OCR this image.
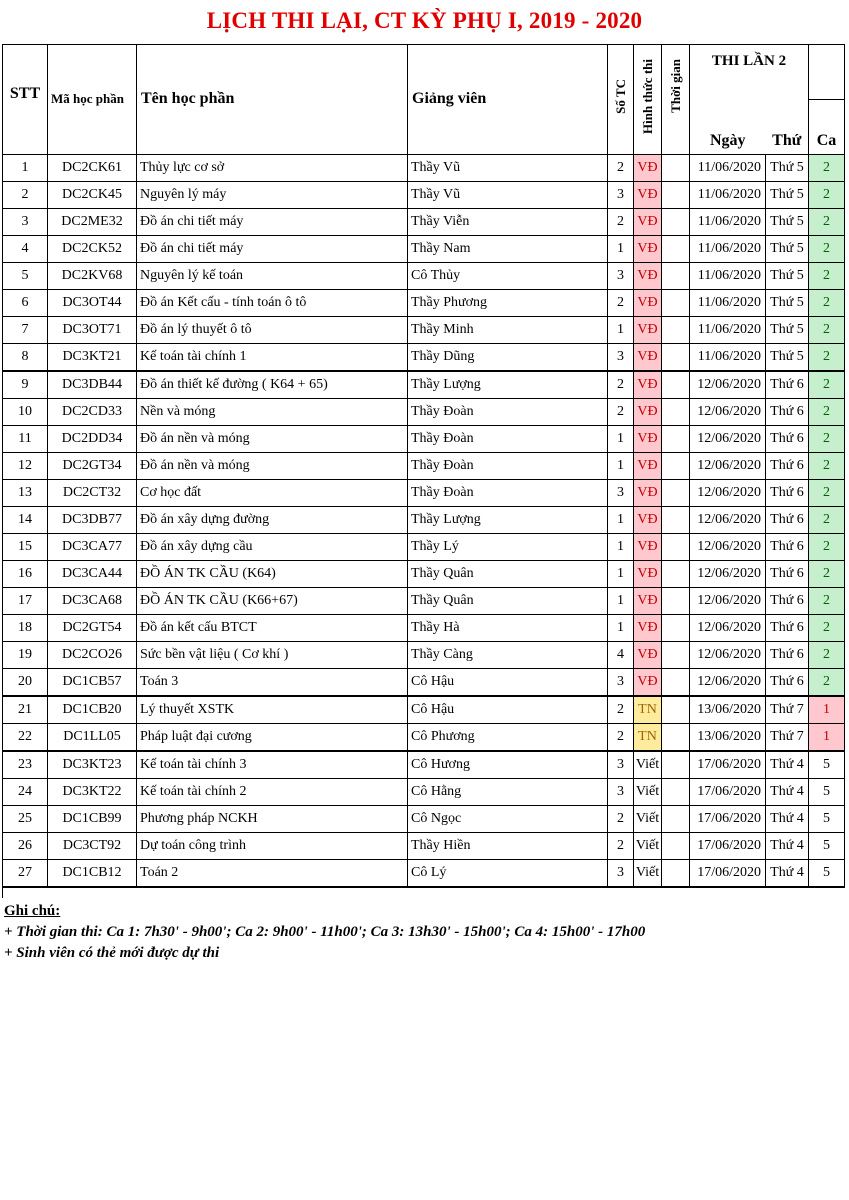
LỊCH THI LẠI, CT KỲ PHỤ I, 2019 - 2020
STT	Mã học phần	Tên học phần	Giảng viên	Số TC	Hình thức thi	Thời gian	THI LẦN 2		
							Ngày	Thứ	Ca
1	DC2CK61	Thủy lực cơ sở	Thầy Vũ	2	VĐ		11/06/2020	Thứ 5	2
2	DC2CK45	Nguyên lý máy	Thầy Vũ	3	VĐ		11/06/2020	Thứ 5	2
3	DC2ME32	Đồ án chi tiết máy	Thầy Viễn	2	VĐ		11/06/2020	Thứ 5	2
4	DC2CK52	Đồ án chi tiết máy	Thầy Nam	1	VĐ		11/06/2020	Thứ 5	2
5	DC2KV68	Nguyên lý kế toán	Cô Thủy	3	VĐ		11/06/2020	Thứ 5	2
6	DC3OT44	Đồ án Kết cấu - tính toán ô tô	Thầy Phương	2	VĐ		11/06/2020	Thứ 5	2
7	DC3OT71	Đồ án lý thuyết ô tô	Thầy Minh	1	VĐ		11/06/2020	Thứ 5	2
8	DC3KT21	Kế toán tài chính 1	Thầy Dũng	3	VĐ		11/06/2020	Thứ 5	2
9	DC3DB44	Đồ án thiết kế đường ( K64 + 65)	Thầy Lượng	2	VĐ		12/06/2020	Thứ 6	2
10	DC2CD33	Nền và móng	Thầy Đoàn	2	VĐ		12/06/2020	Thứ 6	2
11	DC2DD34	Đồ án nền và móng	Thầy Đoàn	1	VĐ		12/06/2020	Thứ 6	2
12	DC2GT34	Đồ án nền và móng	Thầy Đoàn	1	VĐ		12/06/2020	Thứ 6	2
13	DC2CT32	Cơ học đất	Thầy Đoàn	3	VĐ		12/06/2020	Thứ 6	2
14	DC3DB77	Đồ án xây dựng đường	Thầy Lượng	1	VĐ		12/06/2020	Thứ 6	2
15	DC3CA77	Đồ án xây dựng cầu	Thầy Lý	1	VĐ		12/06/2020	Thứ 6	2
16	DC3CA44	ĐỒ ÁN TK CẦU (K64)	Thầy Quân	1	VĐ		12/06/2020	Thứ 6	2
17	DC3CA68	ĐỒ ÁN TK CẦU (K66+67)	Thầy Quân	1	VĐ		12/06/2020	Thứ 6	2
18	DC2GT54	Đồ án kết cấu BTCT	Thầy Hà	1	VĐ		12/06/2020	Thứ 6	2
19	DC2CO26	Sức bền vật liệu ( Cơ khí )	Thầy Càng	4	VĐ		12/06/2020	Thứ 6	2
20	DC1CB57	Toán 3	Cô Hậu	3	VĐ		12/06/2020	Thứ 6	2
21	DC1CB20	Lý thuyết XSTK	Cô Hậu	2	TN		13/06/2020	Thứ 7	1
22	DC1LL05	Pháp luật đại cương	Cô Phương	2	TN		13/06/2020	Thứ 7	1
23	DC3KT23	Kế toán tài chính 3	Cô Hương	3	Viết		17/06/2020	Thứ 4	5
24	DC3KT22	Kế toán tài chính 2	Cô Hằng	3	Viết		17/06/2020	Thứ 4	5
25	DC1CB99	Phương pháp NCKH	Cô Ngọc	2	Viết		17/06/2020	Thứ 4	5
26	DC3CT92	Dự toán công trình	Thầy Hiền	2	Viết		17/06/2020	Thứ 4	5
27	DC1CB12	Toán 2	Cô Lý	3	Viết		17/06/2020	Thứ 4	5
Ghi chú:
+ Thời gian thi: Ca 1: 7h30' - 9h00'; Ca 2: 9h00' - 11h00'; Ca 3: 13h30' - 15h00'; Ca 4: 15h00' - 17h00
+ Sinh viên có thẻ mới được dự thi
